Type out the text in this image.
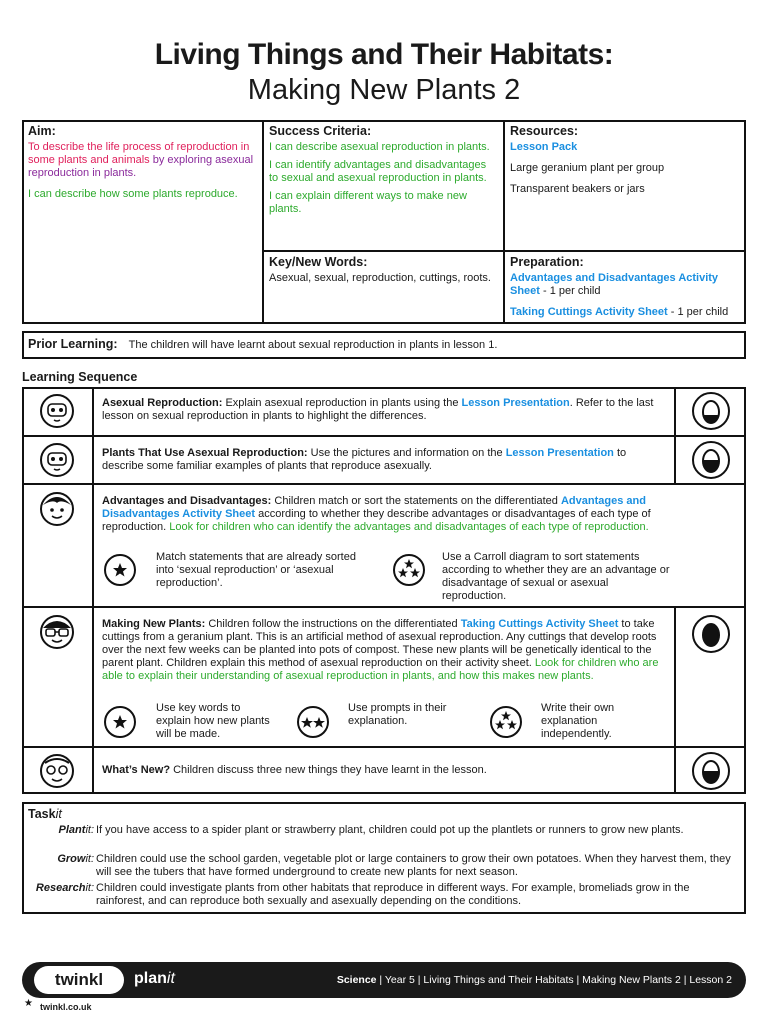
Living Things and Their Habitats:
Making New Plants 2
Aim:

To describe the life process of reproduction in some plants and animals by exploring asexual reproduction in plants.

I can describe how some plants reproduce.

Success Criteria:

I can describe asexual reproduction in plants.

I can identify advantages and disadvantages to sexual and asexual reproduction in plants.

I can explain different ways to make new plants.

Resources:

Lesson Pack

Large geranium plant per group

Transparent beakers or jars

Key/New Words:

Asexual, sexual, reproduction, cuttings, roots.

Preparation:

Advantages and Disadvantages Activity Sheet - 1 per child

Taking Cuttings Activity Sheet - 1 per child

Prior Learning: The children will have learnt about sexual reproduction in plants in lesson 1.
Learning Sequence
Asexual Reproduction: Explain asexual reproduction in plants using the Lesson Presentation. Refer to the last lesson on sexual reproduction in plants to highlight the differences.
Plants That Use Asexual Reproduction: Use the pictures and information on the Lesson Presentation to describe some familiar examples of plants that reproduce asexually.
Advantages and Disadvantages: Children match or sort the statements on the differentiated Advantages and Disadvantages Activity Sheet according to whether they describe advantages or disadvantages of each type of reproduction. Look for children who can identify the advantages and disadvantages of each type of reproduction.
Match statements that are already sorted into ‘sexual reproduction’ or ‘asexual reproduction’.
Use a Carroll diagram to sort statements according to whether they are an advantage or disadvantage of sexual or asexual reproduction.
Making New Plants: Children follow the instructions on the differentiated Taking Cuttings Activity Sheet to take cuttings from a geranium plant. This is an artificial method of asexual reproduction. Any cuttings that develop roots over the next few weeks can be planted into pots of compost. These new plants will be genetically identical to the parent plant. Children explain this method of asexual reproduction on their activity sheet. Look for children who are able to explain their understanding of asexual reproduction in plants, and how this makes new plants.
Use key words to explain how new plants will be made.
Use prompts in their explanation.
Write their own explanation independently.
What’s New? Children discuss three new things they have learnt in the lesson.
Taskit
Plantit: If you have access to a spider plant or strawberry plant, children could pot up the plantlets or runners to grow new plants.
Growit: Children could use the school garden, vegetable plot or large containers to grow their own potatoes. When they harvest them, they will see the tubers that have formed underground to create new plants for next season.
Researchit: Children could investigate plants from other habitats that reproduce in different ways. For example, bromeliads grow in the rainforest, and can reproduce both sexually and asexually depending on the conditions.
twinkl	planit	Science | Year 5 | Living Things and Their Habitats | Making New Plants 2 | Lesson 2
twinkl.co.uk
★
